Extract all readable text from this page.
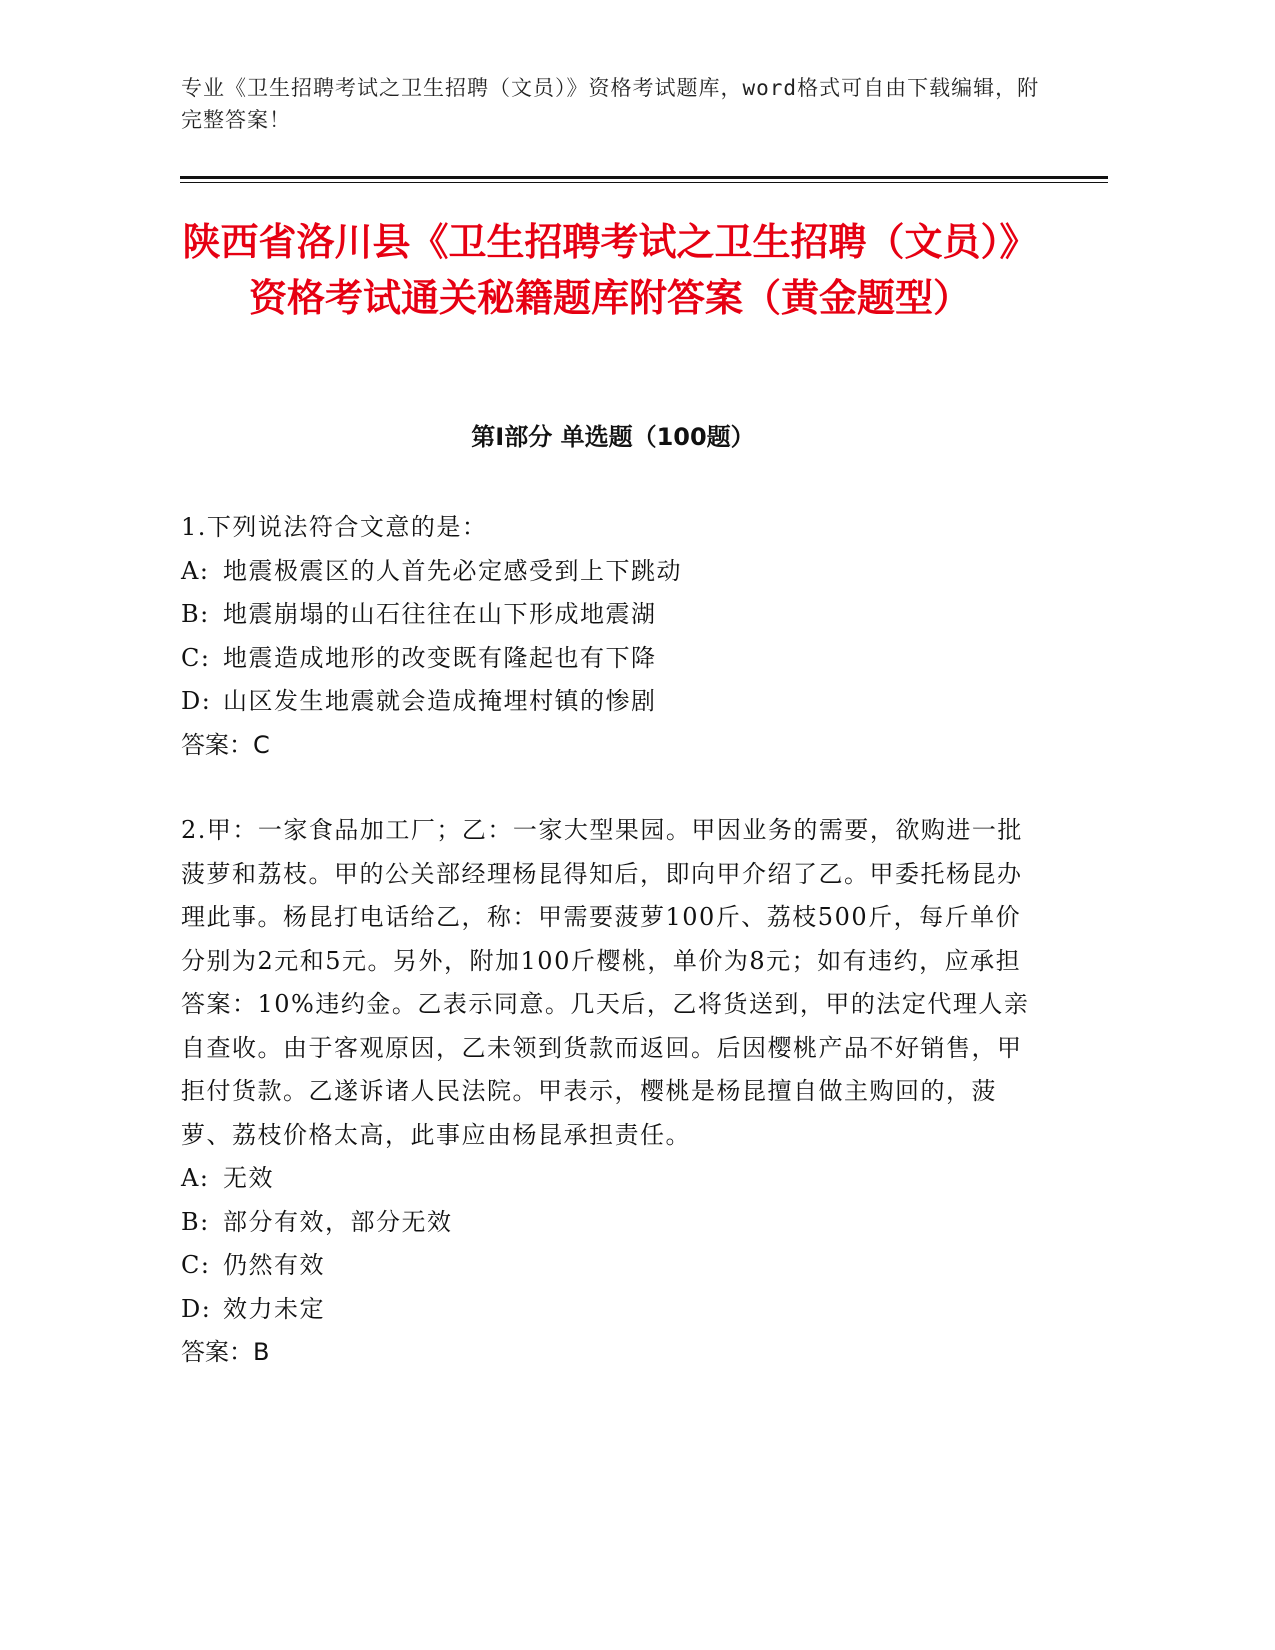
专业《卫生招聘考试之卫生招聘（文员）》资格考试题库，word格式可自由下载编辑，附完整答案！
陕西省洛川县《卫生招聘考试之卫生招聘（文员）》资格考试通关秘籍题库附答案（黄金题型）
第Ⅰ部分 单选题（100题）

1.下列说法符合文意的是：

A: 地震极震区的人首先必定感受到上下跳动

B: 地震崩塌的山石往往在山下形成地震湖

C: 地震造成地形的改变既有隆起也有下降

D: 山区发生地震就会造成掩埋村镇的惨剧

答案：C

2.甲：一家食品加工厂；乙：一家大型果园。甲因业务的需要，欲购进一批菠萝和荔枝。甲的公关部经理杨昆得知后，即向甲介绍了乙。甲委托杨昆办理此事。杨昆打电话给乙，称：甲需要菠萝100斤、荔枝500斤，每斤单价分别为2元和5元。另外，附加100斤樱桃，单价为8元；如有违约，应承担答案：10%违约金。乙表示同意。几天后，乙将货送到，甲的法定代理人亲自查收。由于客观原因，乙未领到货款而返回。后因樱桃产品不好销售，甲拒付货款。乙遂诉诸人民法院。甲表示，樱桃是杨昆擅自做主购回的，菠萝、荔枝价格太高，此事应由杨昆承担责任。

A: 无效

B: 部分有效，部分无效

C: 仍然有效

D: 效力未定

答案：B
